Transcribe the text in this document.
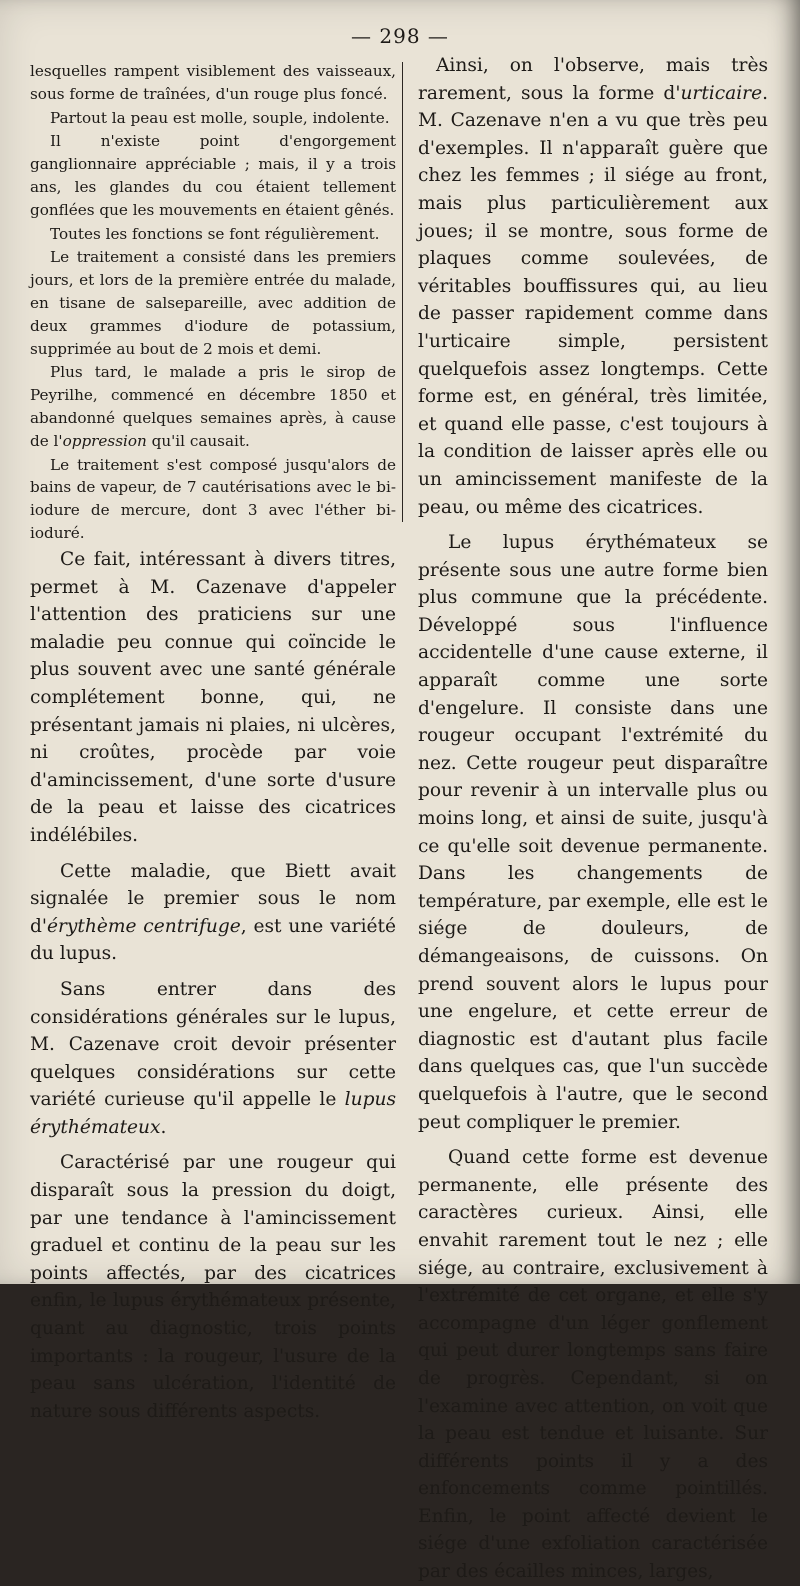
— 298 —

lesquelles rampent visiblement des vaisseaux, sous forme de traînées, d'un rouge plus foncé.

Partout la peau est molle, souple, indolente.

Il n'existe point d'engorgement ganglionnaire appréciable ; mais, il y a trois ans, les glandes du cou étaient tellement gonflées que les mouvements en étaient gênés.

Toutes les fonctions se font régulièrement.

Le traitement a consisté dans les premiers jours, et lors de la première entrée du malade, en tisane de salsepareille, avec addition de deux grammes d'iodure de potassium, supprimée au bout de 2 mois et demi.

Plus tard, le malade a pris le sirop de Peyrilhe, commencé en décembre 1850 et abandonné quelques semaines après, à cause de l'oppression qu'il causait.

Le traitement s'est composé jusqu'alors de bains de vapeur, de 7 cautérisations avec le bi-iodure de mercure, dont 3 avec l'éther bi-ioduré.

Ce fait, intéressant à divers titres, permet à M. Cazenave d'appeler l'attention des praticiens sur une maladie peu connue qui coïncide le plus souvent avec une santé générale complétement bonne, qui, ne présentant jamais ni plaies, ni ulcères, ni croûtes, procède par voie d'amincissement, d'une sorte d'usure de la peau et laisse des cicatrices indélébiles.

Cette maladie, que Biett avait signalée le premier sous le nom d'érythème centrifuge, est une variété du lupus.

Sans entrer dans des considérations générales sur le lupus, M. Cazenave croit devoir présenter quelques considérations sur cette variété curieuse qu'il appelle le lupus érythémateux.

Caractérisé par une rougeur qui disparaît sous la pression du doigt, par une tendance à l'amincissement graduel et continu de la peau sur les points affectés, par des cicatrices enfin, le lupus érythémateux présente, quant au diagnostic, trois points importants : la rougeur, l'usure de la peau sans ulcération, l'identité de nature sous différents aspects.

Ainsi, on l'observe, mais très rarement, sous la forme d'urticaire. M. Cazenave n'en a vu que très peu d'exemples. Il n'apparaît guère que chez les femmes ; il siége au front, mais plus particulièrement aux joues; il se montre, sous forme de plaques comme soulevées, de véritables bouffissures qui, au lieu de passer rapidement comme dans l'urticaire simple, persistent quelquefois assez longtemps. Cette forme est, en général, très limitée, et quand elle passe, c'est toujours à la condition de laisser après elle ou un amincissement manifeste de la peau, ou même des cicatrices.

Le lupus érythémateux se présente sous une autre forme bien plus commune que la précédente. Développé sous l'influence accidentelle d'une cause externe, il apparaît comme une sorte d'engelure. Il consiste dans une rougeur occupant l'extrémité du nez. Cette rougeur peut disparaître pour revenir à un intervalle plus ou moins long, et ainsi de suite, jusqu'à ce qu'elle soit devenue permanente. Dans les changements de température, par exemple, elle est le siége de douleurs, de démangeaisons, de cuissons. On prend souvent alors le lupus pour une engelure, et cette erreur de diagnostic est d'autant plus facile dans quelques cas, que l'un succède quelquefois à l'autre, que le second peut compliquer le premier.

Quand cette forme est devenue permanente, elle présente des caractères curieux. Ainsi, elle envahit rarement tout le nez ; elle siége, au contraire, exclusivement à l'extrémité de cet organe, et elle s'y accompagne d'un léger gonflement qui peut durer longtemps sans faire de progrès. Cependant, si on l'examine avec attention, on voit que la peau est tendue et luisante. Sur différents points il y a des enfoncements comme pointillés. Enfin, le point affecté devient le siége d'une exfoliation caractérisée par des écailles minces, larges,
